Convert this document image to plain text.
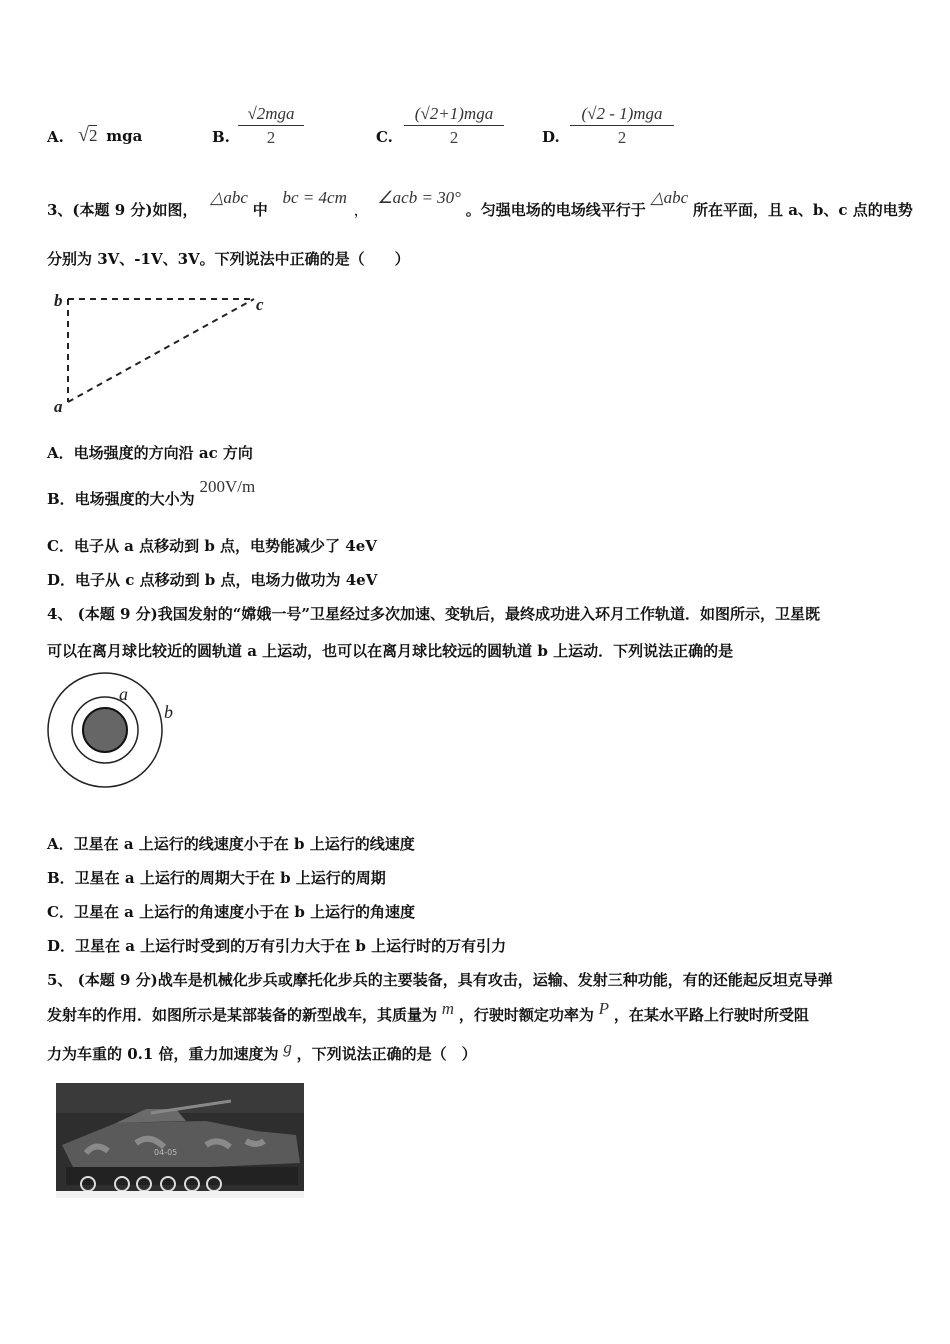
A. √2 mga	B.
√2mga
2	C.
(√2+1)mga
2	D.
(√2 - 1)mga
2
3、(本题 9 分)如图， △abc 中 bc = 4cm ， ∠acb = 30° 。匀强电场的电场线平行于 △abc 所在平面，且 a、b、c 点的电势
分别为 3V、-1V、3V。下列说法中正确的是（　　）
b	c
a
A．电场强度的方向沿 ac 方向
B．电场强度的大小为 200V/m
C．电子从 a 点移动到 b 点，电势能减少了 4eV
D．电子从 c 点移动到 b 点，电场力做功为 4eV
4、 (本题 9 分)我国发射的“嫦娥一号”卫星经过多次加速、变轨后，最终成功进入环月工作轨道．如图所示，卫星既
可以在离月球比较近的圆轨道 a 上运动，也可以在离月球比较远的圆轨道 b 上运动．下列说法正确的是
a
b
A．卫星在 a 上运行的线速度小于在 b 上运行的线速度
B．卫星在 a 上运行的周期大于在 b 上运行的周期
C．卫星在 a 上运行的角速度小于在 b 上运行的角速度
D．卫星在 a 上运行时受到的万有引力大于在 b 上运行时的万有引力
5、 (本题 9 分)战车是机械化步兵或摩托化步兵的主要装备，具有攻击，运输、发射三种功能，有的还能起反坦克导弹
发射车的作用．如图所示是某部装备的新型战车，其质量为 m ，行驶时额定功率为 P ，在某水平路上行驶时所受阻
力为车重的 0.1 倍，重力加速度为 g ，下列说法正确的是（　）
04-05
